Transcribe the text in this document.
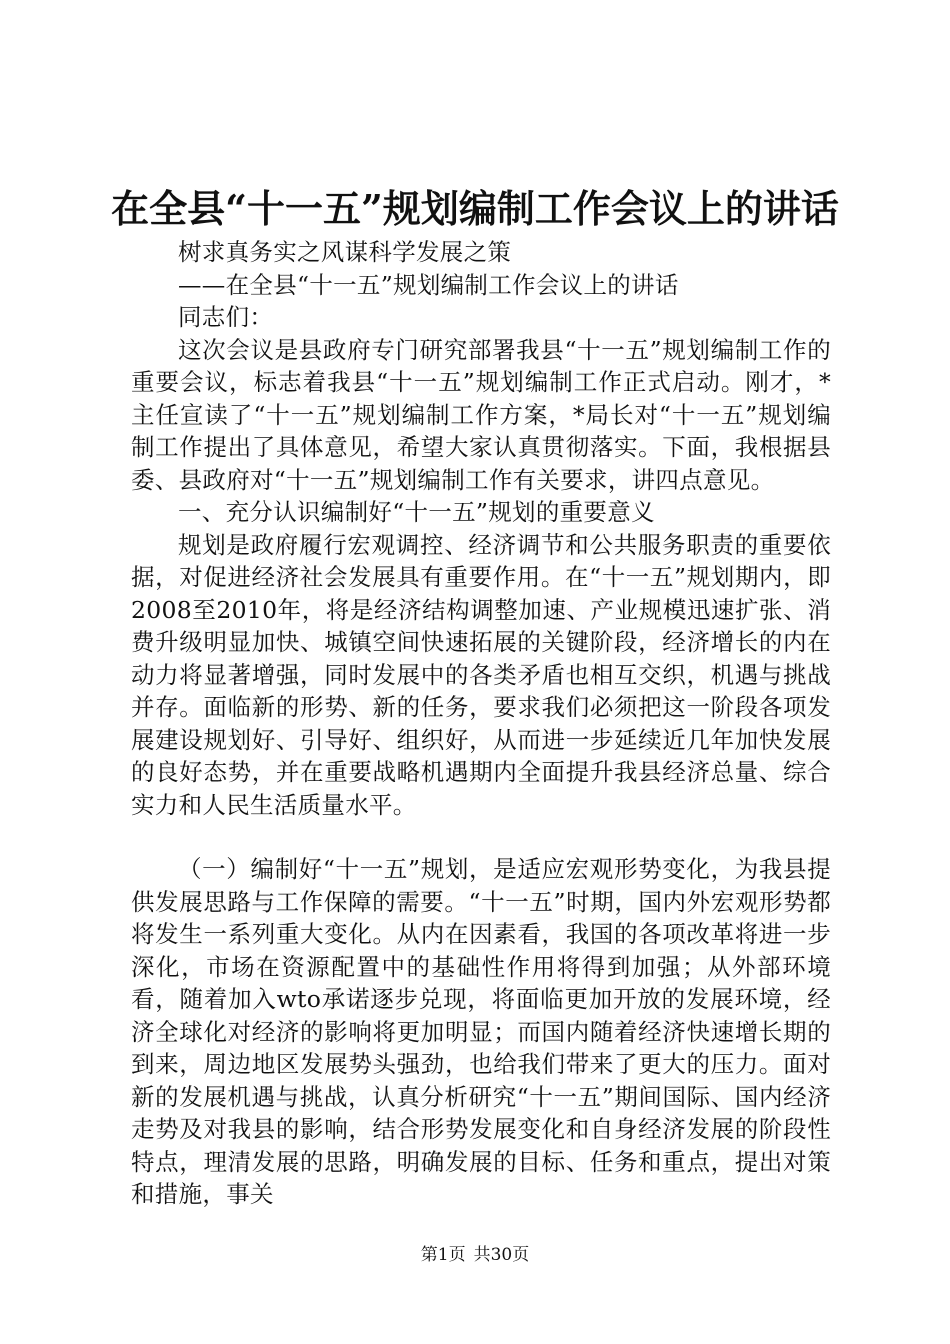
在全县“十一五”规划编制工作会议上的讲话

树求真务实之风谋科学发展之策

——在全县“十一五”规划编制工作会议上的讲话

同志们：

这次会议是县政府专门研究部署我县“十一五”规划编制工作的重要会议，标志着我县“十一五”规划编制工作正式启动。刚才，*主任宣读了“十一五”规划编制工作方案，*局长对“十一五”规划编制工作提出了具体意见，希望大家认真贯彻落实。下面，我根据县委、县政府对“十一五”规划编制工作有关要求，讲四点意见。

一、充分认识编制好“十一五”规划的重要意义

规划是政府履行宏观调控、经济调节和公共服务职责的重要依据，对促进经济社会发展具有重要作用。在“十一五”规划期内，即2008至2010年，将是经济结构调整加速、产业规模迅速扩张、消费升级明显加快、城镇空间快速拓展的关键阶段，经济增长的内在动力将显著增强，同时发展中的各类矛盾也相互交织，机遇与挑战并存。面临新的形势、新的任务，要求我们必须把这一阶段各项发展建设规划好、引导好、组织好，从而进一步延续近几年加快发展的良好态势，并在重要战略机遇期内全面提升我县经济总量、综合实力和人民生活质量水平。

（一）编制好“十一五”规划，是适应宏观形势变化，为我县提供发展思路与工作保障的需要。“十一五”时期，国内外宏观形势都将发生一系列重大变化。从内在因素看，我国的各项改革将进一步深化，市场在资源配置中的基础性作用将得到加强；从外部环境看，随着加入wto承诺逐步兑现，将面临更加开放的发展环境，经济全球化对经济的影响将更加明显；而国内随着经济快速增长期的到来，周边地区发展势头强劲，也给我们带来了更大的压力。面对新的发展机遇与挑战，认真分析研究“十一五”期间国际、国内经济走势及对我县的影响，结合形势发展变化和自身经济发展的阶段性特点，理清发展的思路，明确发展的目标、任务和重点，提出对策和措施，事关

第1页 共30页
